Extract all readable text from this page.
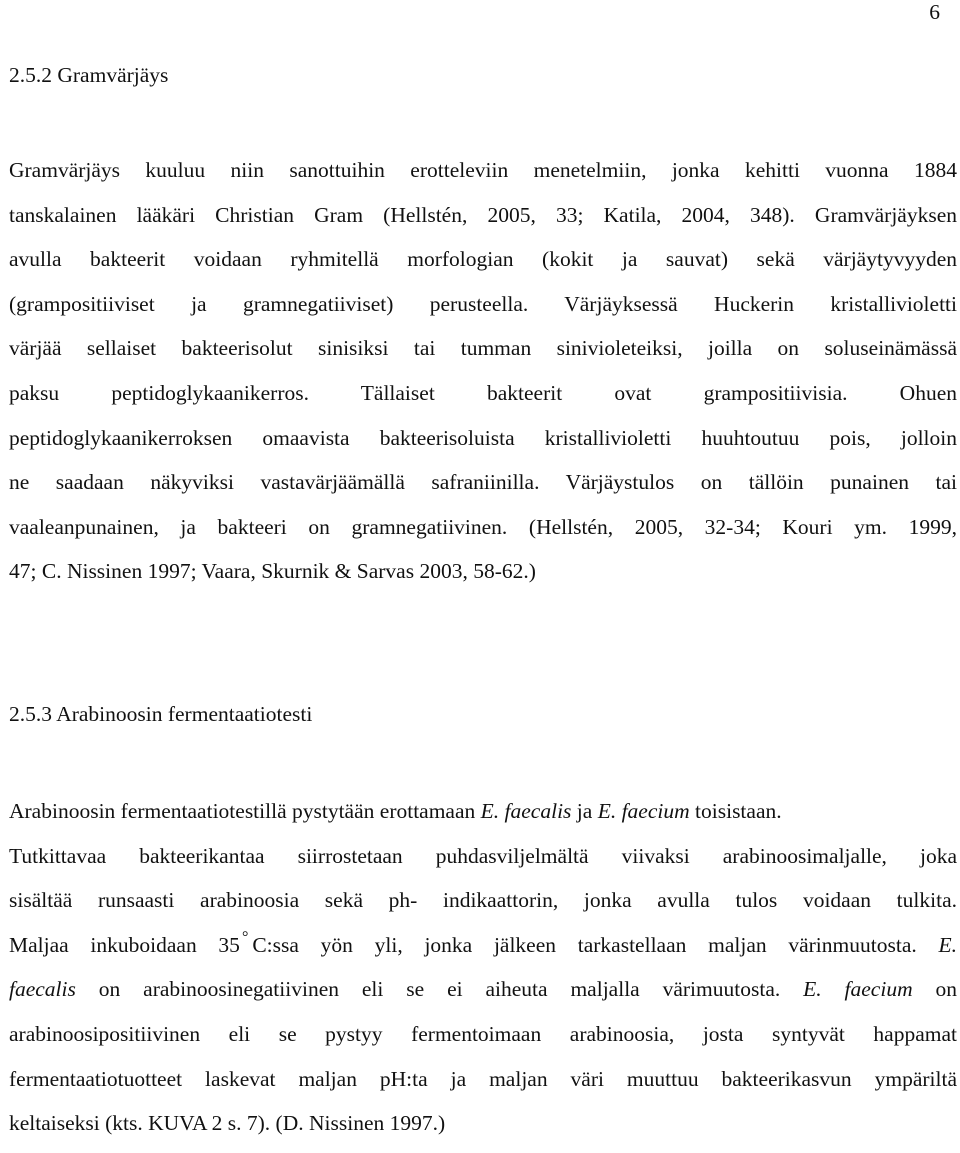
6
2.5.2 Gramvärjäys
Gramvärjäys kuuluu niin sanottuihin erotteleviin menetelmiin, jonka kehitti vuonna 1884
tanskalainen lääkäri Christian Gram (Hellstén, 2005, 33; Katila, 2004, 348). Gramvärjäyksen
avulla bakteerit voidaan ryhmitellä morfologian (kokit ja sauvat) sekä värjäytyvyyden
(grampositiiviset ja gramnegatiiviset) perusteella. Värjäyksessä Huckerin kristallivioletti
värjää sellaiset bakteerisolut sinisiksi tai tumman sinivioleteiksi, joilla on soluseinämässä
paksu peptidoglykaanikerros. Tällaiset bakteerit ovat grampositiivisia. Ohuen
peptidoglykaanikerroksen omaavista bakteerisoluista kristallivioletti huuhtoutuu pois, jolloin
ne saadaan näkyviksi vastavärjäämällä safraniinilla. Värjäystulos on tällöin punainen tai
vaaleanpunainen, ja bakteeri on gramnegatiivinen. (Hellstén, 2005, 32-34; Kouri ym. 1999,
47; C. Nissinen 1997; Vaara, Skurnik & Sarvas 2003, 58-62.)
2.5.3 Arabinoosin fermentaatiotesti
Arabinoosin fermentaatiotestillä pystytään erottamaan E. faecalis ja E. faecium toisistaan.
Tutkittavaa bakteerikantaa siirrostetaan puhdasviljelmältä viivaksi arabinoosimaljalle, joka
sisältää runsaasti arabinoosia sekä ph- indikaattorin, jonka avulla tulos voidaan tulkita.
Maljaa inkuboidaan 35 ° C:ssa yön yli, jonka jälkeen tarkastellaan maljan värinmuutosta. E.
faecalis on arabinoosinegatiivinen eli se ei aiheuta maljalla värimuutosta. E. faecium on
arabinoosipositiivinen eli se pystyy fermentoimaan arabinoosia, josta syntyvät happamat
fermentaatiotuotteet laskevat maljan pH:ta ja maljan väri muuttuu bakteerikasvun ympäriltä
keltaiseksi (kts. KUVA 2 s. 7). (D. Nissinen 1997.)
